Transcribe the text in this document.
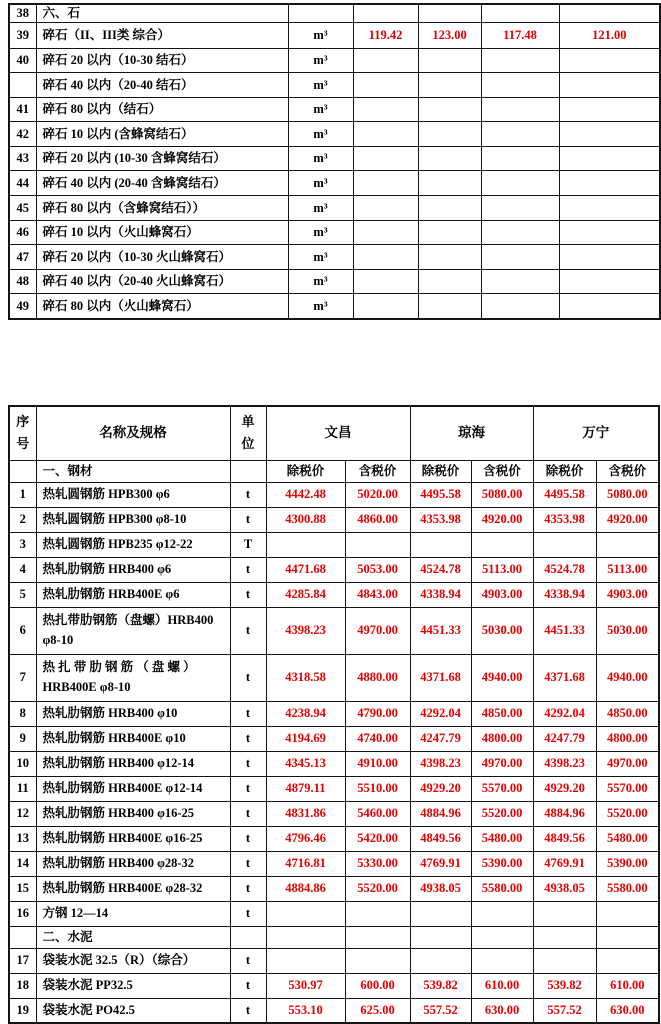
38	六、石					
39	碎石（II、III类 综合）	m³	119.42	123.00	117.48	121.00
40	碎石 20 以内（10-30 结石）	m³				
	碎石 40 以内（20-40 结石）	m³				
41	碎石 80 以内（结石）	m³				
42	碎石 10 以内 (含蜂窝结石）	m³				
43	碎石 20 以内 (10-30 含蜂窝结石）	m³				
44	碎石 40 以内 (20-40 含蜂窝结石）	m³				
45	碎石 80 以内（含蜂窝结石））	m³				
46	碎石 10 以内（火山蜂窝石）	m³				
47	碎石 20 以内（10-30 火山蜂窝石）	m³				
48	碎石 40 以内（20-40 火山蜂窝石）	m³				
49	碎石 80 以内（火山蜂窝石）	m³				
序号	名称及规格	单位	文昌		琼海		万宁	
	一、钢材		除税价	含税价	除税价	含税价	除税价	含税价
1	热轧圆钢筋 HPB300 φ6	t	4442.48	5020.00	4495.58	5080.00	4495.58	5080.00
2	热轧圆钢筋 HPB300 φ8-10	t	4300.88	4860.00	4353.98	4920.00	4353.98	4920.00
3	热轧圆钢筋 HPB235 φ12-22	T						
4	热轧肋钢筋 HRB400 φ6	t	4471.68	5053.00	4524.78	5113.00	4524.78	5113.00
5	热轧肋钢筋 HRB400E φ6	t	4285.84	4843.00	4338.94	4903.00	4338.94	4903.00
6	热扎带肋钢筋（盘螺）HRB400 φ8-10	t	4398.23	4970.00	4451.33	5030.00	4451.33	5030.00
7	热 扎 带 肋 钢 筋 （ 盘 螺 ） HRB400E φ8-10	t	4318.58	4880.00	4371.68	4940.00	4371.68	4940.00
8	热轧肋钢筋 HRB400 φ10	t	4238.94	4790.00	4292.04	4850.00	4292.04	4850.00
9	热轧肋钢筋 HRB400E φ10	t	4194.69	4740.00	4247.79	4800.00	4247.79	4800.00
10	热轧肋钢筋 HRB400 φ12-14	t	4345.13	4910.00	4398.23	4970.00	4398.23	4970.00
11	热轧肋钢筋 HRB400E φ12-14	t	4879.11	5510.00	4929.20	5570.00	4929.20	5570.00
12	热轧肋钢筋 HRB400 φ16-25	t	4831.86	5460.00	4884.96	5520.00	4884.96	5520.00
13	热轧肋钢筋 HRB400E φ16-25	t	4796.46	5420.00	4849.56	5480.00	4849.56	5480.00
14	热轧肋钢筋 HRB400 φ28-32	t	4716.81	5330.00	4769.91	5390.00	4769.91	5390.00
15	热轧肋钢筋 HRB400E φ28-32	t	4884.86	5520.00	4938.05	5580.00	4938.05	5580.00
16	方钢 12—14	t						
	二、水泥							
17	袋装水泥 32.5（R）（综合）	t						
18	袋装水泥 PP32.5	t	530.97	600.00	539.82	610.00	539.82	610.00
19	袋装水泥 PO42.5	t	553.10	625.00	557.52	630.00	557.52	630.00
